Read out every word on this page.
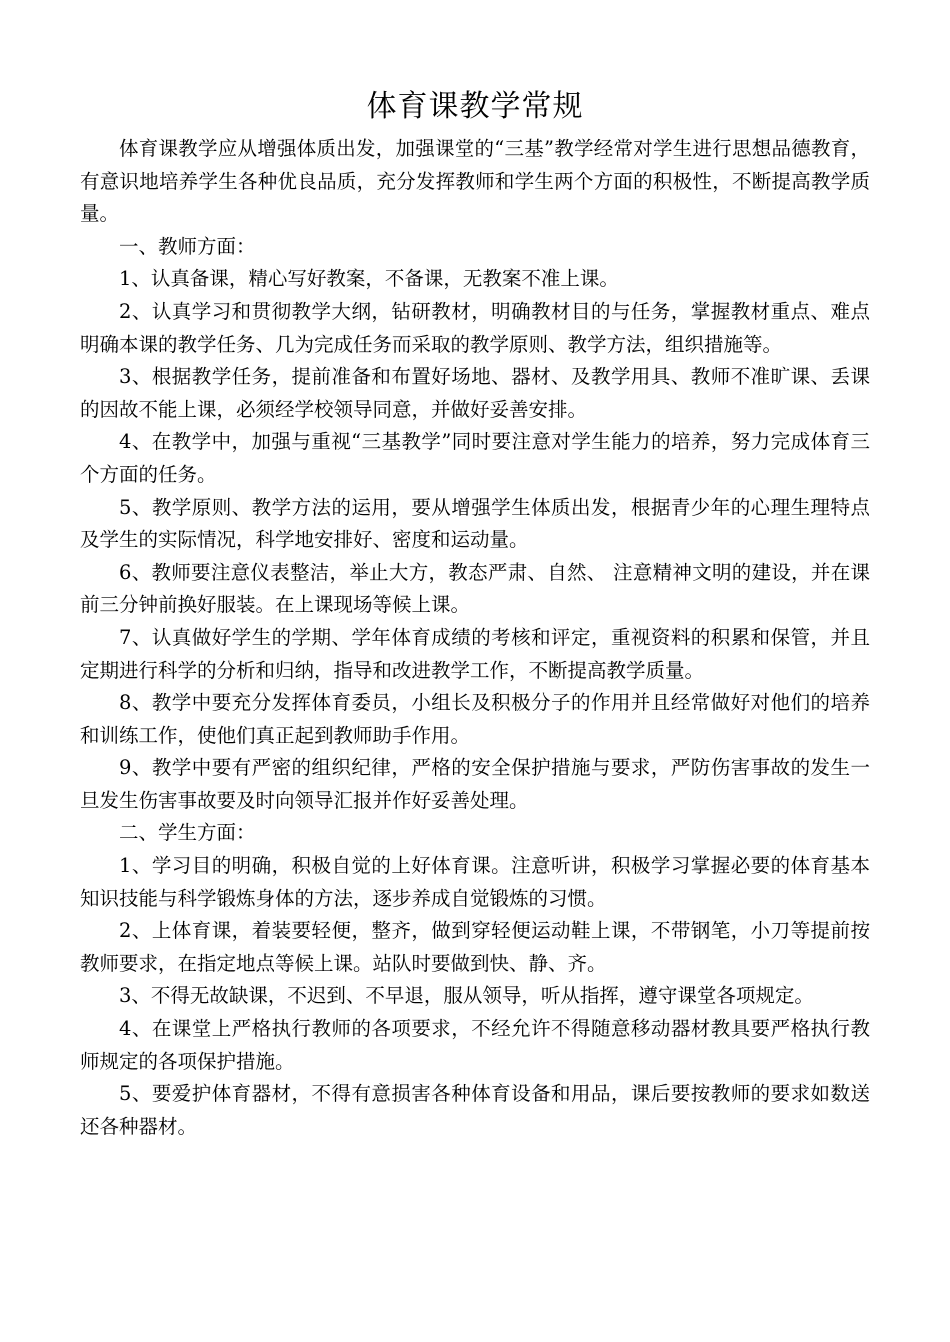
体育课教学常规

体育课教学应从增强体质出发，加强课堂的“三基”教学经常对学生进行思想品德教育，有意识地培养学生各种优良品质，充分发挥教师和学生两个方面的积极性，不断提高教学质量。

一、教师方面：

1、认真备课，精心写好教案，不备课，无教案不准上课。

2、认真学习和贯彻教学大纲，钻研教材，明确教材目的与任务，掌握教材重点、难点明确本课的教学任务、几为完成任务而采取的教学原则、教学方法，组织措施等。

3、根据教学任务，提前准备和布置好场地、器材、及教学用具、教师不准旷课、丢课的因故不能上课，必须经学校领导同意，并做好妥善安排。

4、在教学中，加强与重视“三基教学”同时要注意对学生能力的培养，努力完成体育三个方面的任务。

5、教学原则、教学方法的运用，要从增强学生体质出发，根据青少年的心理生理特点及学生的实际情况，科学地安排好、密度和运动量。

6、教师要注意仪表整洁，举止大方，教态严肃、自然、 注意精神文明的建设，并在课前三分钟前换好服装。在上课现场等候上课。

7、认真做好学生的学期、学年体育成绩的考核和评定，重视资料的积累和保管，并且定期进行科学的分析和归纳，指导和改进教学工作，不断提高教学质量。

8、教学中要充分发挥体育委员，小组长及积极分子的作用并且经常做好对他们的培养和训练工作，使他们真正起到教师助手作用。

9、教学中要有严密的组织纪律，严格的安全保护措施与要求，严防伤害事故的发生一旦发生伤害事故要及时向领导汇报并作好妥善处理。

二、学生方面：

1、学习目的明确，积极自觉的上好体育课。注意听讲，积极学习掌握必要的体育基本知识技能与科学锻炼身体的方法，逐步养成自觉锻炼的习惯。

2、上体育课，着装要轻便，整齐，做到穿轻便运动鞋上课，不带钢笔，小刀等提前按教师要求，在指定地点等候上课。站队时要做到快、静、齐。

3、不得无故缺课，不迟到、不早退，服从领导，听从指挥，遵守课堂各项规定。

4、在课堂上严格执行教师的各项要求，不经允许不得随意移动器材教具要严格执行教师规定的各项保护措施。

5、要爱护体育器材，不得有意损害各种体育设备和用品，课后要按教师的要求如数送还各种器材。
